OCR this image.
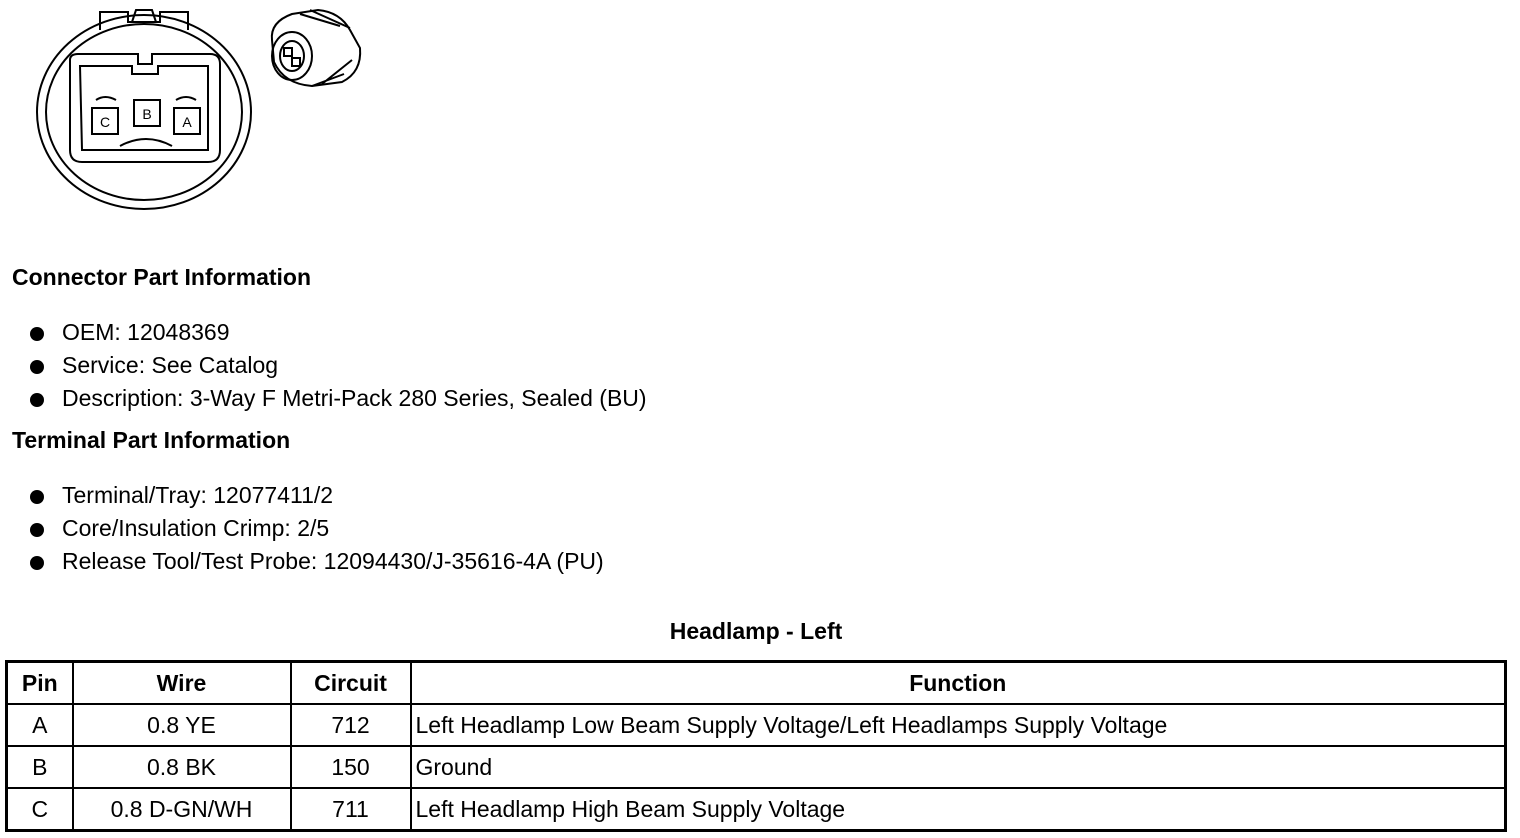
C B A
Connector Part Information
OEM: 12048369
Service: See Catalog
Description: 3-Way F Metri-Pack 280 Series, Sealed (BU)
Terminal Part Information
Terminal/Tray: 12077411/2
Core/Insulation Crimp: 2/5
Release Tool/Test Probe: 12094430/J-35616-4A (PU)
Headlamp - Left
Pin	Wire	Circuit	Function
A	0.8 YE	712	Left Headlamp Low Beam Supply Voltage/Left Headlamps Supply Voltage
B	0.8 BK	150	Ground
C	0.8 D-GN/WH	711	Left Headlamp High Beam Supply Voltage
